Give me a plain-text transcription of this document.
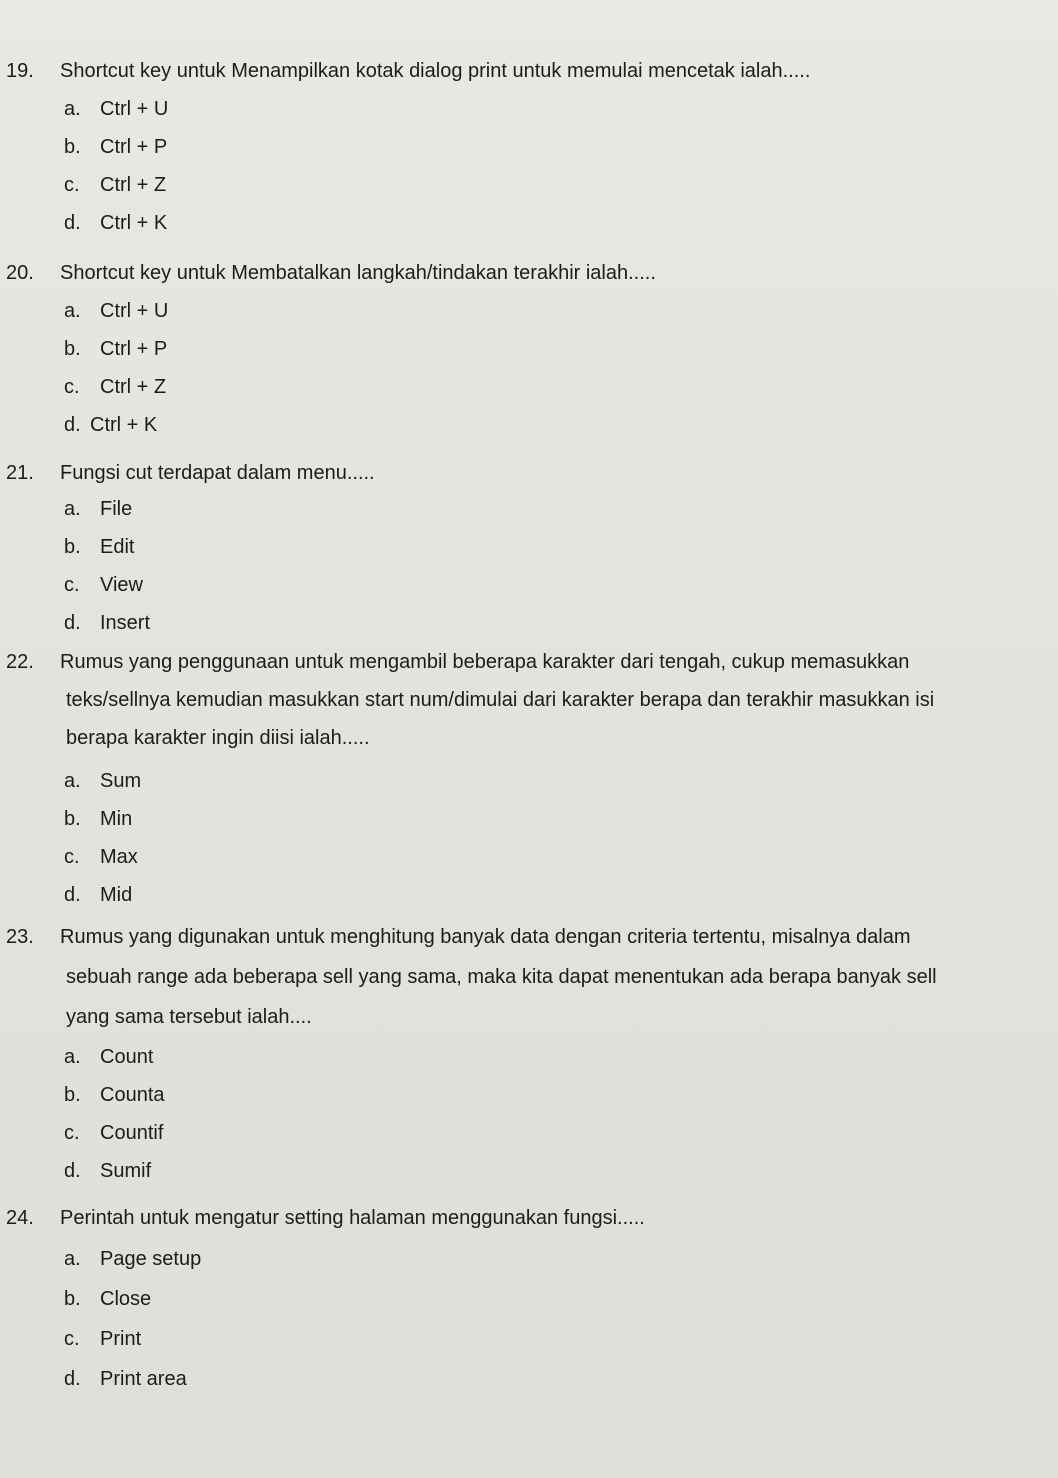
19.	Shortcut key untuk Menampilkan kotak dialog print untuk memulai mencetak ialah.....
a. Ctrl + U
b. Ctrl + P
c. Ctrl + Z
d. Ctrl + K
20.	Shortcut key untuk Membatalkan langkah/tindakan terakhir ialah.....
a. Ctrl + U
b. Ctrl + P
c. Ctrl + Z
d. Ctrl + K
21.	Fungsi cut terdapat dalam menu.....
a. File
b. Edit
c. View
d. Insert
22.	Rumus yang penggunaan untuk mengambil beberapa karakter dari tengah, cukup memasukkan
teks/sellnya kemudian masukkan start num/dimulai dari karakter berapa dan terakhir masukkan isi
berapa karakter ingin diisi ialah.....
a. Sum
b. Min
c. Max
d. Mid
23.	Rumus yang digunakan untuk menghitung banyak data dengan criteria tertentu, misalnya dalam
sebuah range ada beberapa sell yang sama, maka kita dapat menentukan ada berapa banyak sell
yang sama tersebut ialah....
a. Count
b. Counta
c. Countif
d. Sumif
24.	Perintah untuk mengatur setting halaman menggunakan fungsi.....
a. Page setup
b. Close
c. Print
d. Print area
